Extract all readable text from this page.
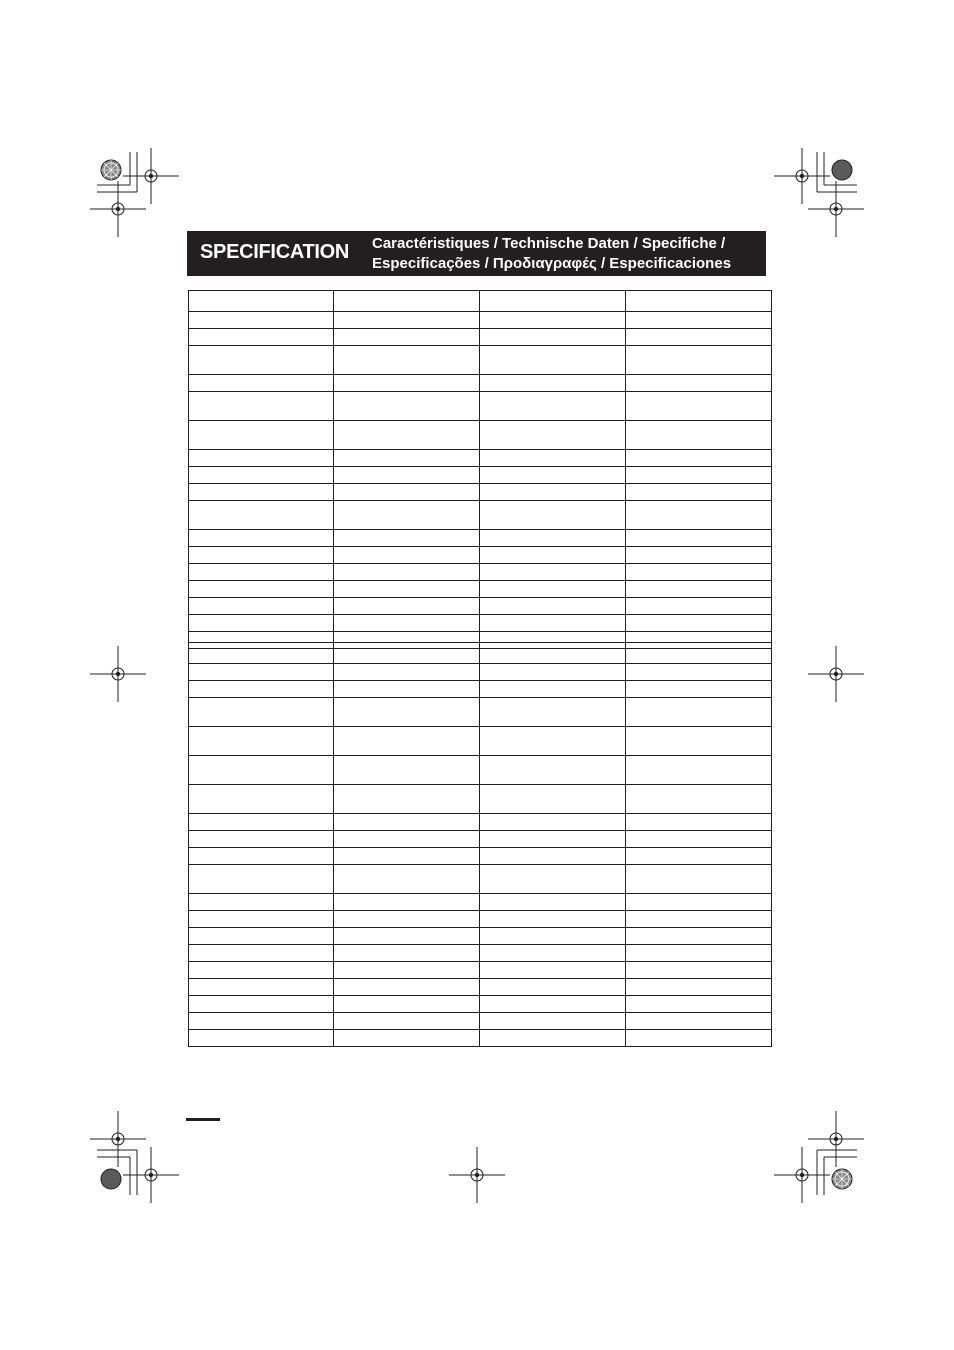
SPECIFICATION Caractéristiques / Technische Daten / Specifiche /
Especificações / Προδιαγραφές / Especificaciones
